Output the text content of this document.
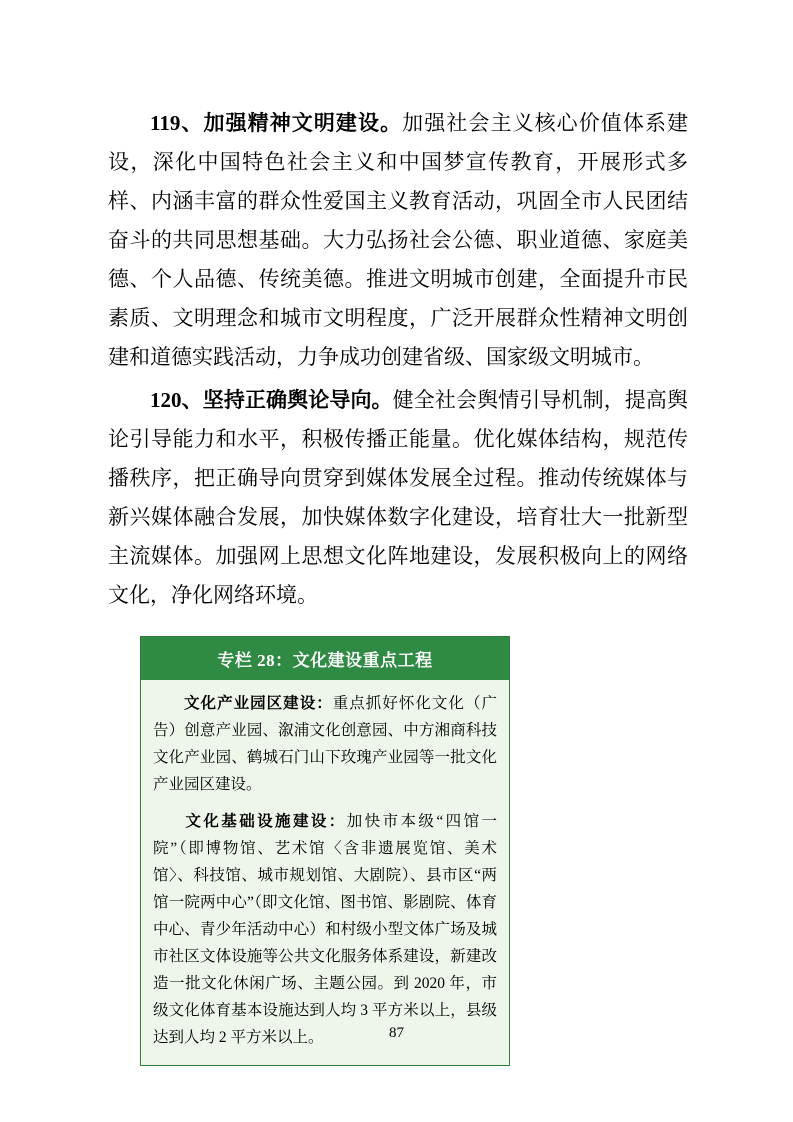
119、加强精神文明建设。加强社会主义核心价值体系建设，深化中国特色社会主义和中国梦宣传教育，开展形式多样、内涵丰富的群众性爱国主义教育活动，巩固全市人民团结奋斗的共同思想基础。大力弘扬社会公德、职业道德、家庭美德、个人品德、传统美德。推进文明城市创建，全面提升市民素质、文明理念和城市文明程度，广泛开展群众性精神文明创建和道德实践活动，力争成功创建省级、国家级文明城市。

120、坚持正确舆论导向。健全社会舆情引导机制，提高舆论引导能力和水平，积极传播正能量。优化媒体结构，规范传播秩序，把正确导向贯穿到媒体发展全过程。推动传统媒体与新兴媒体融合发展，加快媒体数字化建设，培育壮大一批新型主流媒体。加强网上思想文化阵地建设，发展积极向上的网络文化，净化网络环境。

专栏 28：文化建设重点工程

文化产业园区建设：重点抓好怀化文化（广告）创意产业园、溆浦文化创意园、中方湘商科技文化产业园、鹤城石门山下玫瑰产业园等一批文化产业园区建设。

文化基础设施建设：加快市本级“四馆一院”（即博物馆、艺术馆〈含非遗展览馆、美术馆〉、科技馆、城市规划馆、大剧院）、县市区“两馆一院两中心”（即文化馆、图书馆、影剧院、体育中心、青少年活动中心）和村级小型文体广场及城市社区文体设施等公共文化服务体系建设，新建改造一批文化休闲广场、主题公园。到 2020 年，市级文化体育基本设施达到人均 3 平方米以上，县级达到人均 2 平方米以上。	87
